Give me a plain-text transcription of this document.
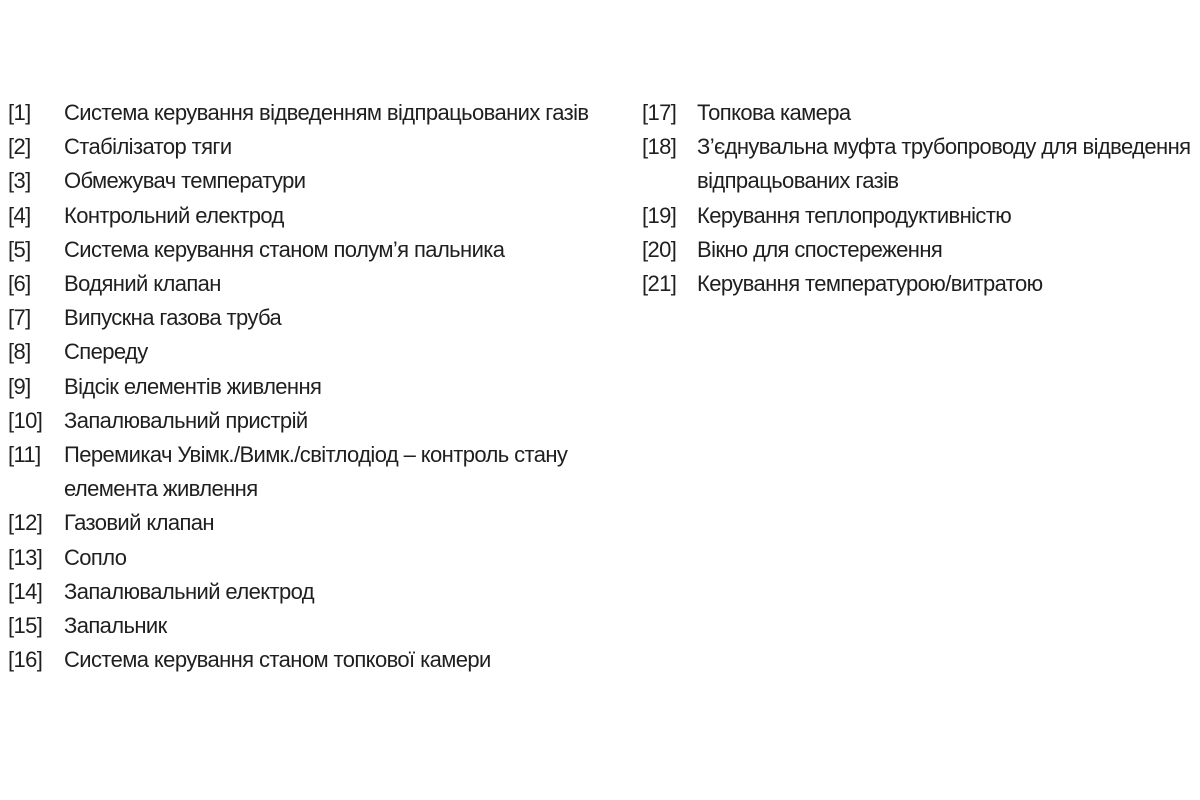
[1]	Система керування відведенням відпрацьованих газів
[2]	Стабілізатор тяги
[3]	Обмежувач температури
[4]	Контрольний електрод
[5]	Система керування станом полум’я пальника
[6]	Водяний клапан
[7]	Випускна газова труба
[8]	Спереду
[9]	Відсік елементів живлення
[10] Запалювальний пристрій
[11]	Перемикач Увімк./Вимк./світлодіод – контроль стану елемента живлення
[12] Газовий клапан
[13] Сопло
[14] Запалювальний електрод
[15] Запальник
[16] Система керування станом топкової камери
[17] Топкова камера
[18] З’єднувальна муфта трубопроводу для відведення відпрацьованих газів
[19] Керування теплопродуктивністю
[20] Вікно для спостереження
[21] Керування температурою/витратою
